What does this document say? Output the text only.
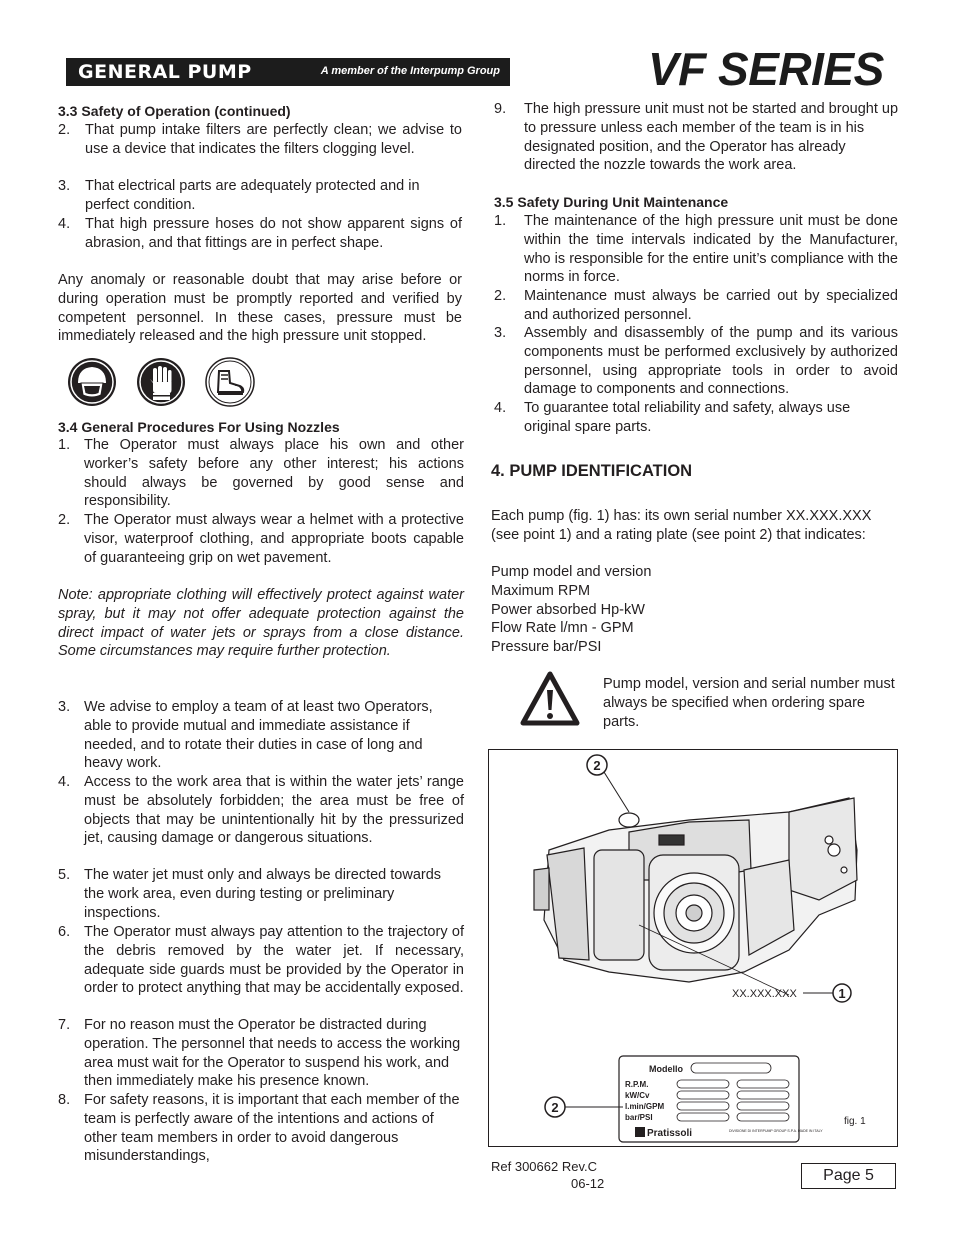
GENERAL PUMP	A member of the Interpump Group	VF SERIES
3.3 Safety of Operation (continued)
2. That pump intake filters are perfectly clean; we advise to use a device that indicates the filters clogging level.
3. That electrical parts are adequately protected and in perfect condition.
4. That high pressure hoses do not show apparent signs of abrasion, and that fittings are in perfect shape.
Any anomaly or reasonable doubt that may arise before or during operation must be promptly reported and verified by competent personnel. In these cases, pressure must be immediately released and the high pressure unit stopped.
3.4 General Procedures For Using Nozzles
1. The Operator must always place his own and other worker’s safety before any other interest; his actions should always be governed by good sense and responsibility.
2. The Operator must always wear a helmet with a protective visor, waterproof clothing, and appropriate boots capable of guaranteeing grip on wet pavement.
Note: appropriate clothing will effectively protect against water spray, but it may not offer adequate protection against the direct impact of water jets or sprays from a close distance. Some circumstances may require further protection.
3. We advise to employ a team of at least two Operators, able to provide mutual and immediate assistance if needed, and to rotate their duties in case of long and heavy work.
4. Access to the work area that is within the water jets’ range must be absolutely forbidden; the area must be free of objects that may be unintentionally hit by the pressurized jet, causing damage or dangerous situations.
5. The water jet must only and always be directed towards the work area, even during testing or preliminary inspections.
6. The Operator must always pay attention to the trajectory of the debris removed by the water jet. If necessary, adequate side guards must be provided by the Operator in order to protect anything that may be accidentally exposed.
7. For no reason must the Operator be distracted during operation. The personnel that needs to access the working area must wait for the Operator to suspend his work, and then immediately make his presence known.
8. For safety reasons, it is important that each member of the team is perfectly aware of the intentions and actions of other team members in order to avoid dangerous misunderstandings,
9. The high pressure unit must not be started and brought up to pressure unless each member of the team is in his designated position, and the Operator has already directed the nozzle towards the work area.
3.5 Safety During Unit Maintenance
1. The maintenance of the high pressure unit must be done within the time intervals indicated by the Manufacturer, who is responsible for the entire unit’s compliance with the norms in force.
2. Maintenance must always be carried out by specialized and authorized personnel.
3. Assembly and disassembly of the pump and its various components must be performed exclusively by authorized personnel, using appropriate tools in order to avoid damage to components and connections.
4. To guarantee total reliability and safety, always use original spare parts.
4. PUMP IDENTIFICATION
Each pump (fig. 1) has: its own serial number XX.XXX.XXX (see point 1) and a rating plate (see point 2) that indicates:
Pump model and version
Maximum RPM
Power absorbed Hp-kW
Flow Rate l/mn - GPM
Pressure bar/PSI
Pump model, version and serial number must always be specified when ordering spare parts.
XX.XXX.XXX	1
2
Modello
R.P.M.
kW/Cv
l.min/GPM
bar/PSI
Pratissoli	DIVISIONE DI INTERPUMP GROUP S.P.A. MADE IN ITALY
2
fig. 1
Ref 300662 Rev.C
06-12	Page 5
